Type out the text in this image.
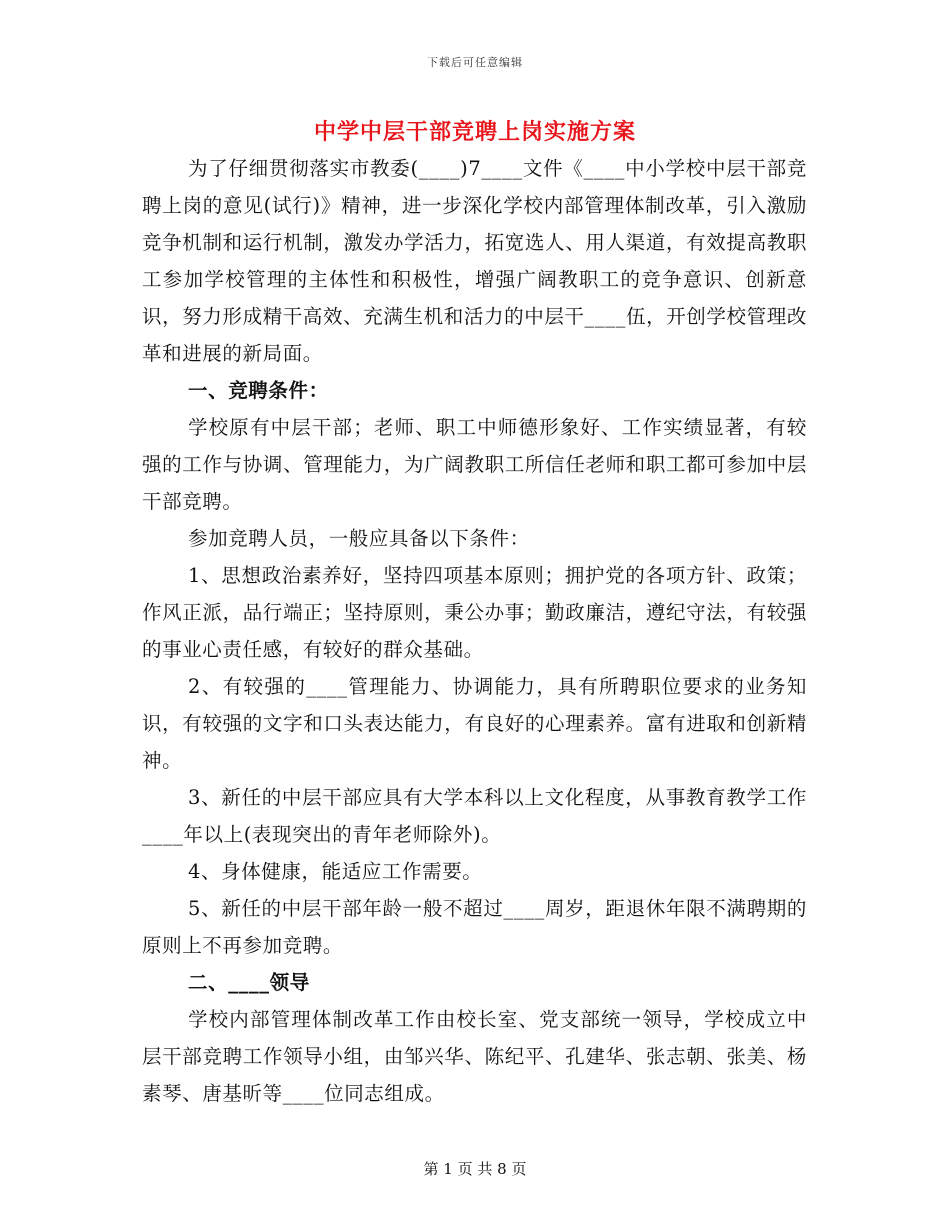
下载后可任意编辑
中学中层干部竞聘上岗实施方案

为了仔细贯彻落实市教委(____)7____文件《____中小学校中层干部竞聘上岗的意见(试行)》精神，进一步深化学校内部管理体制改革，引入激励竞争机制和运行机制，激发办学活力，拓宽选人、用人渠道，有效提高教职工参加学校管理的主体性和积极性，增强广阔教职工的竞争意识、创新意识，努力形成精干高效、充满生机和活力的中层干____伍，开创学校管理改革和进展的新局面。

一、竞聘条件：

学校原有中层干部；老师、职工中师德形象好、工作实绩显著，有较强的工作与协调、管理能力，为广阔教职工所信任老师和职工都可参加中层干部竞聘。

参加竞聘人员，一般应具备以下条件：

1、思想政治素养好，坚持四项基本原则；拥护党的各项方针、政策；作风正派，品行端正；坚持原则，秉公办事；勤政廉洁，遵纪守法，有较强的事业心责任感，有较好的群众基础。

2、有较强的____管理能力、协调能力，具有所聘职位要求的业务知识，有较强的文字和口头表达能力，有良好的心理素养。富有进取和创新精神。

3、新任的中层干部应具有大学本科以上文化程度，从事教育教学工作____年以上(表现突出的青年老师除外)。

4、身体健康，能适应工作需要。

5、新任的中层干部年龄一般不超过____周岁，距退休年限不满聘期的原则上不再参加竞聘。

二、____领导

学校内部管理体制改革工作由校长室、党支部统一领导，学校成立中层干部竞聘工作领导小组，由邹兴华、陈纪平、孔建华、张志朝、张美、杨素琴、唐基昕等____位同志组成。

第 1 页 共 8 页
